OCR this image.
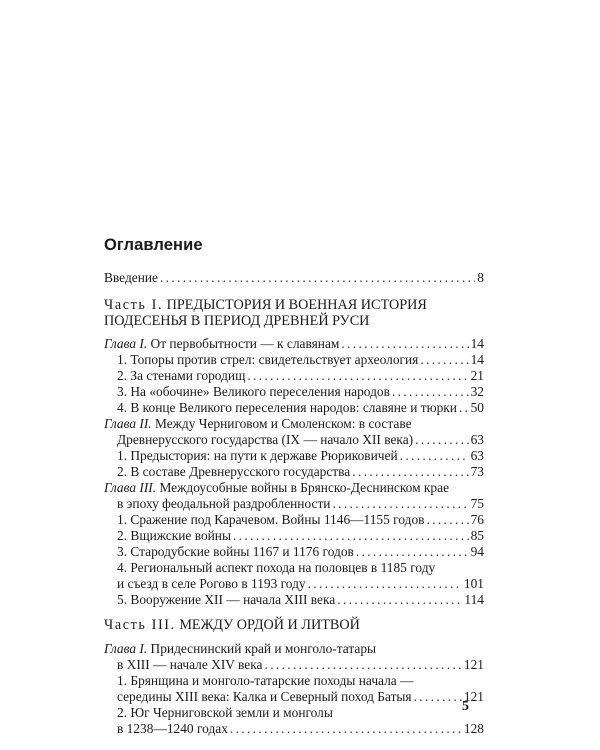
Оглавление
Введение . . .	8
Часть I. ПРЕДЫСТОРИЯ И ВОЕННАЯ ИСТОРИЯ
ПОДЕСЕНЬЯ В ПЕРИОД ДРЕВНЕЙ РУСИ
Глава I. От первобытности — к славянам . . .	14
1. Топоры против стрел: свидетельствует археология . . .	14
2. За стенами городищ . . .	21
3. На «обочине» Великого переселения народов . . .	32
4. В конце Великого переселения народов: славяне и тюрки . . . 50
Глава II. Между Черниговом и Смоленском: в составе
Древнерусского государства (IX — начало XII века) . . .	63
1. Предыстория: на пути к державе Рюриковичей . . .	63
2. В составе Древнерусского государства . . .	73
Глава III. Междоусобные войны в Брянско-Деснинском крае
в эпоху феодальной раздробленности . . .	75
1. Сражение под Карачевом. Войны 1146—1155 годов . . .	76
2. Вщижские войны . . .	85
3. Стародубские войны 1167 и 1176 годов . . .	94
4. Региональный аспект похода на половцев в 1185 году
и съезд в селе Рогово в 1193 году . . .	101
5. Вооружение XII — начала XIII века . . .	114
Часть III. МЕЖДУ ОРДОЙ И ЛИТВОЙ
Глава I. Придеснинский край и монголо-татары
в XIII — начале XIV века . . .	121
1. Брянщина и монголо-татарские походы начала —
середины XIII века: Калка и Северный поход Батыя . . .	121
2. Юг Черниговской земли и монголы
в 1238—1240 годах . . .	128
5
